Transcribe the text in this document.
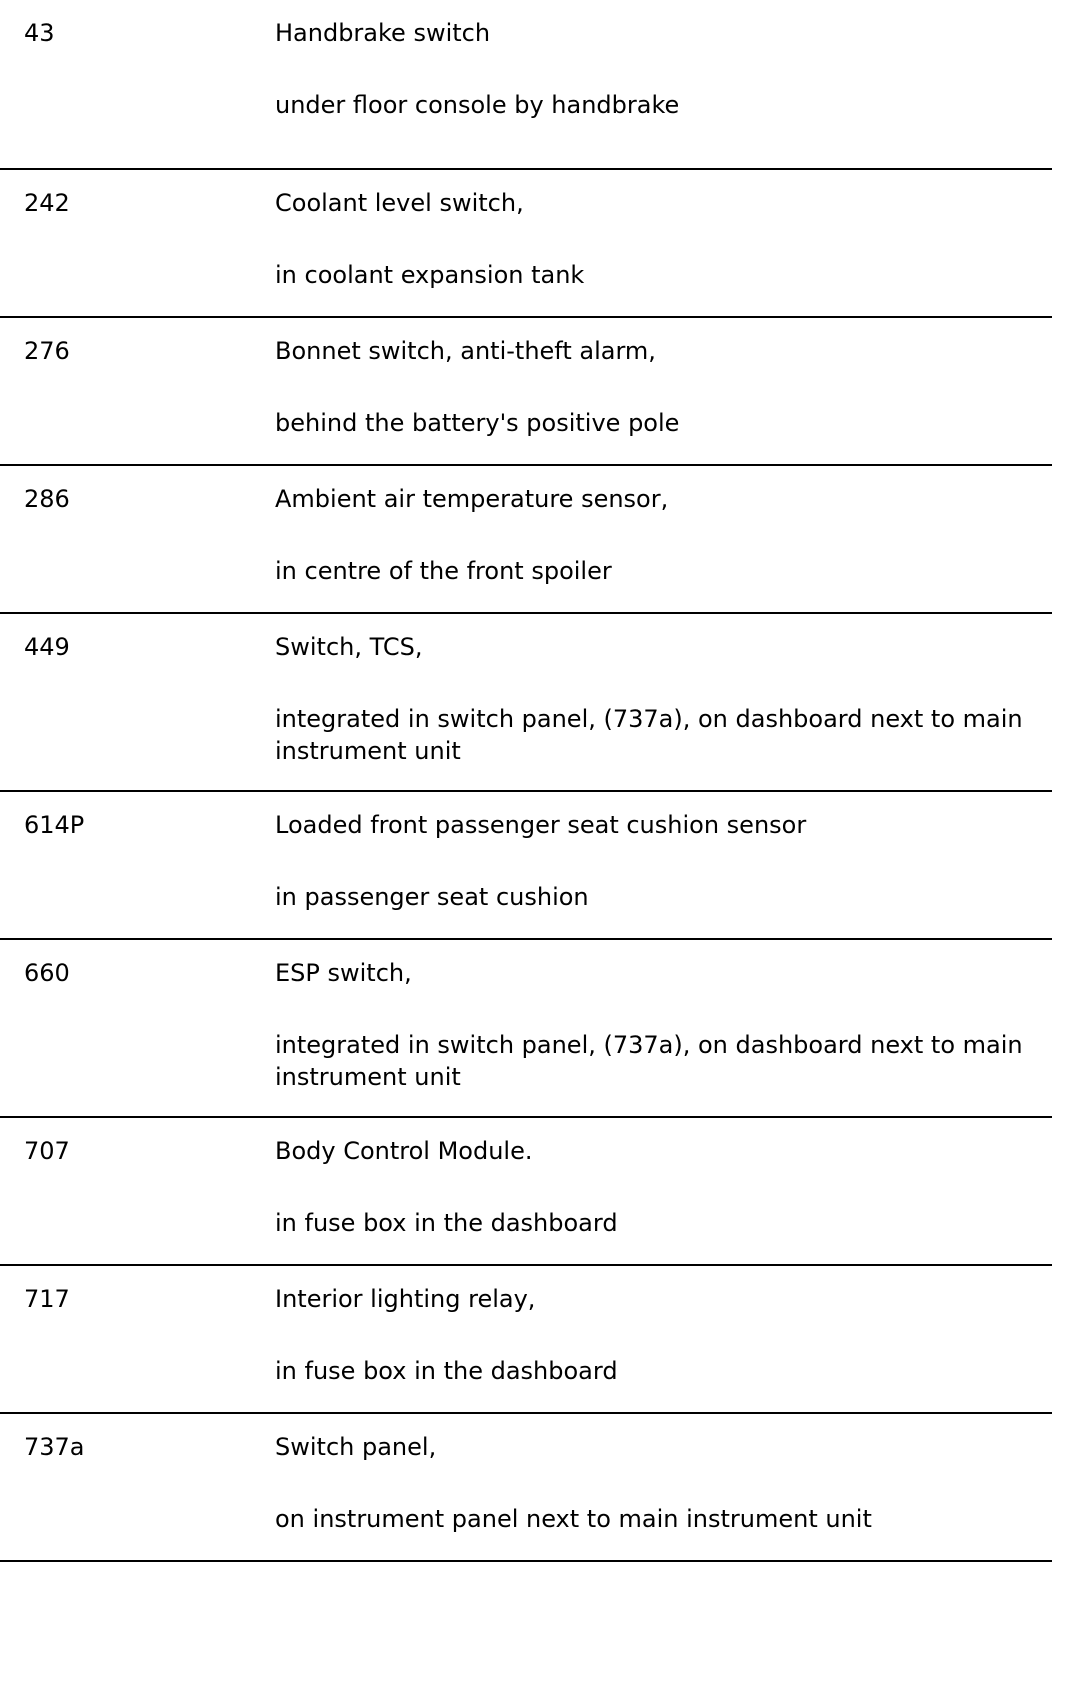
43	Handbrake switch
under floor console by handbrake
242	Coolant level switch,
in coolant expansion tank
276	Bonnet switch, anti-theft alarm,
behind the battery's positive pole
286	Ambient air temperature sensor,
in centre of the front spoiler
449	Switch, TCS,
integrated in switch panel, (737a), on dashboard next to main instrument unit
614P	Loaded front passenger seat cushion sensor
in passenger seat cushion
660	ESP switch,
integrated in switch panel, (737a), on dashboard next to main instrument unit
707	Body Control Module.
in fuse box in the dashboard
717	Interior lighting relay,
in fuse box in the dashboard
737a	Switch panel,
on instrument panel next to main instrument unit
